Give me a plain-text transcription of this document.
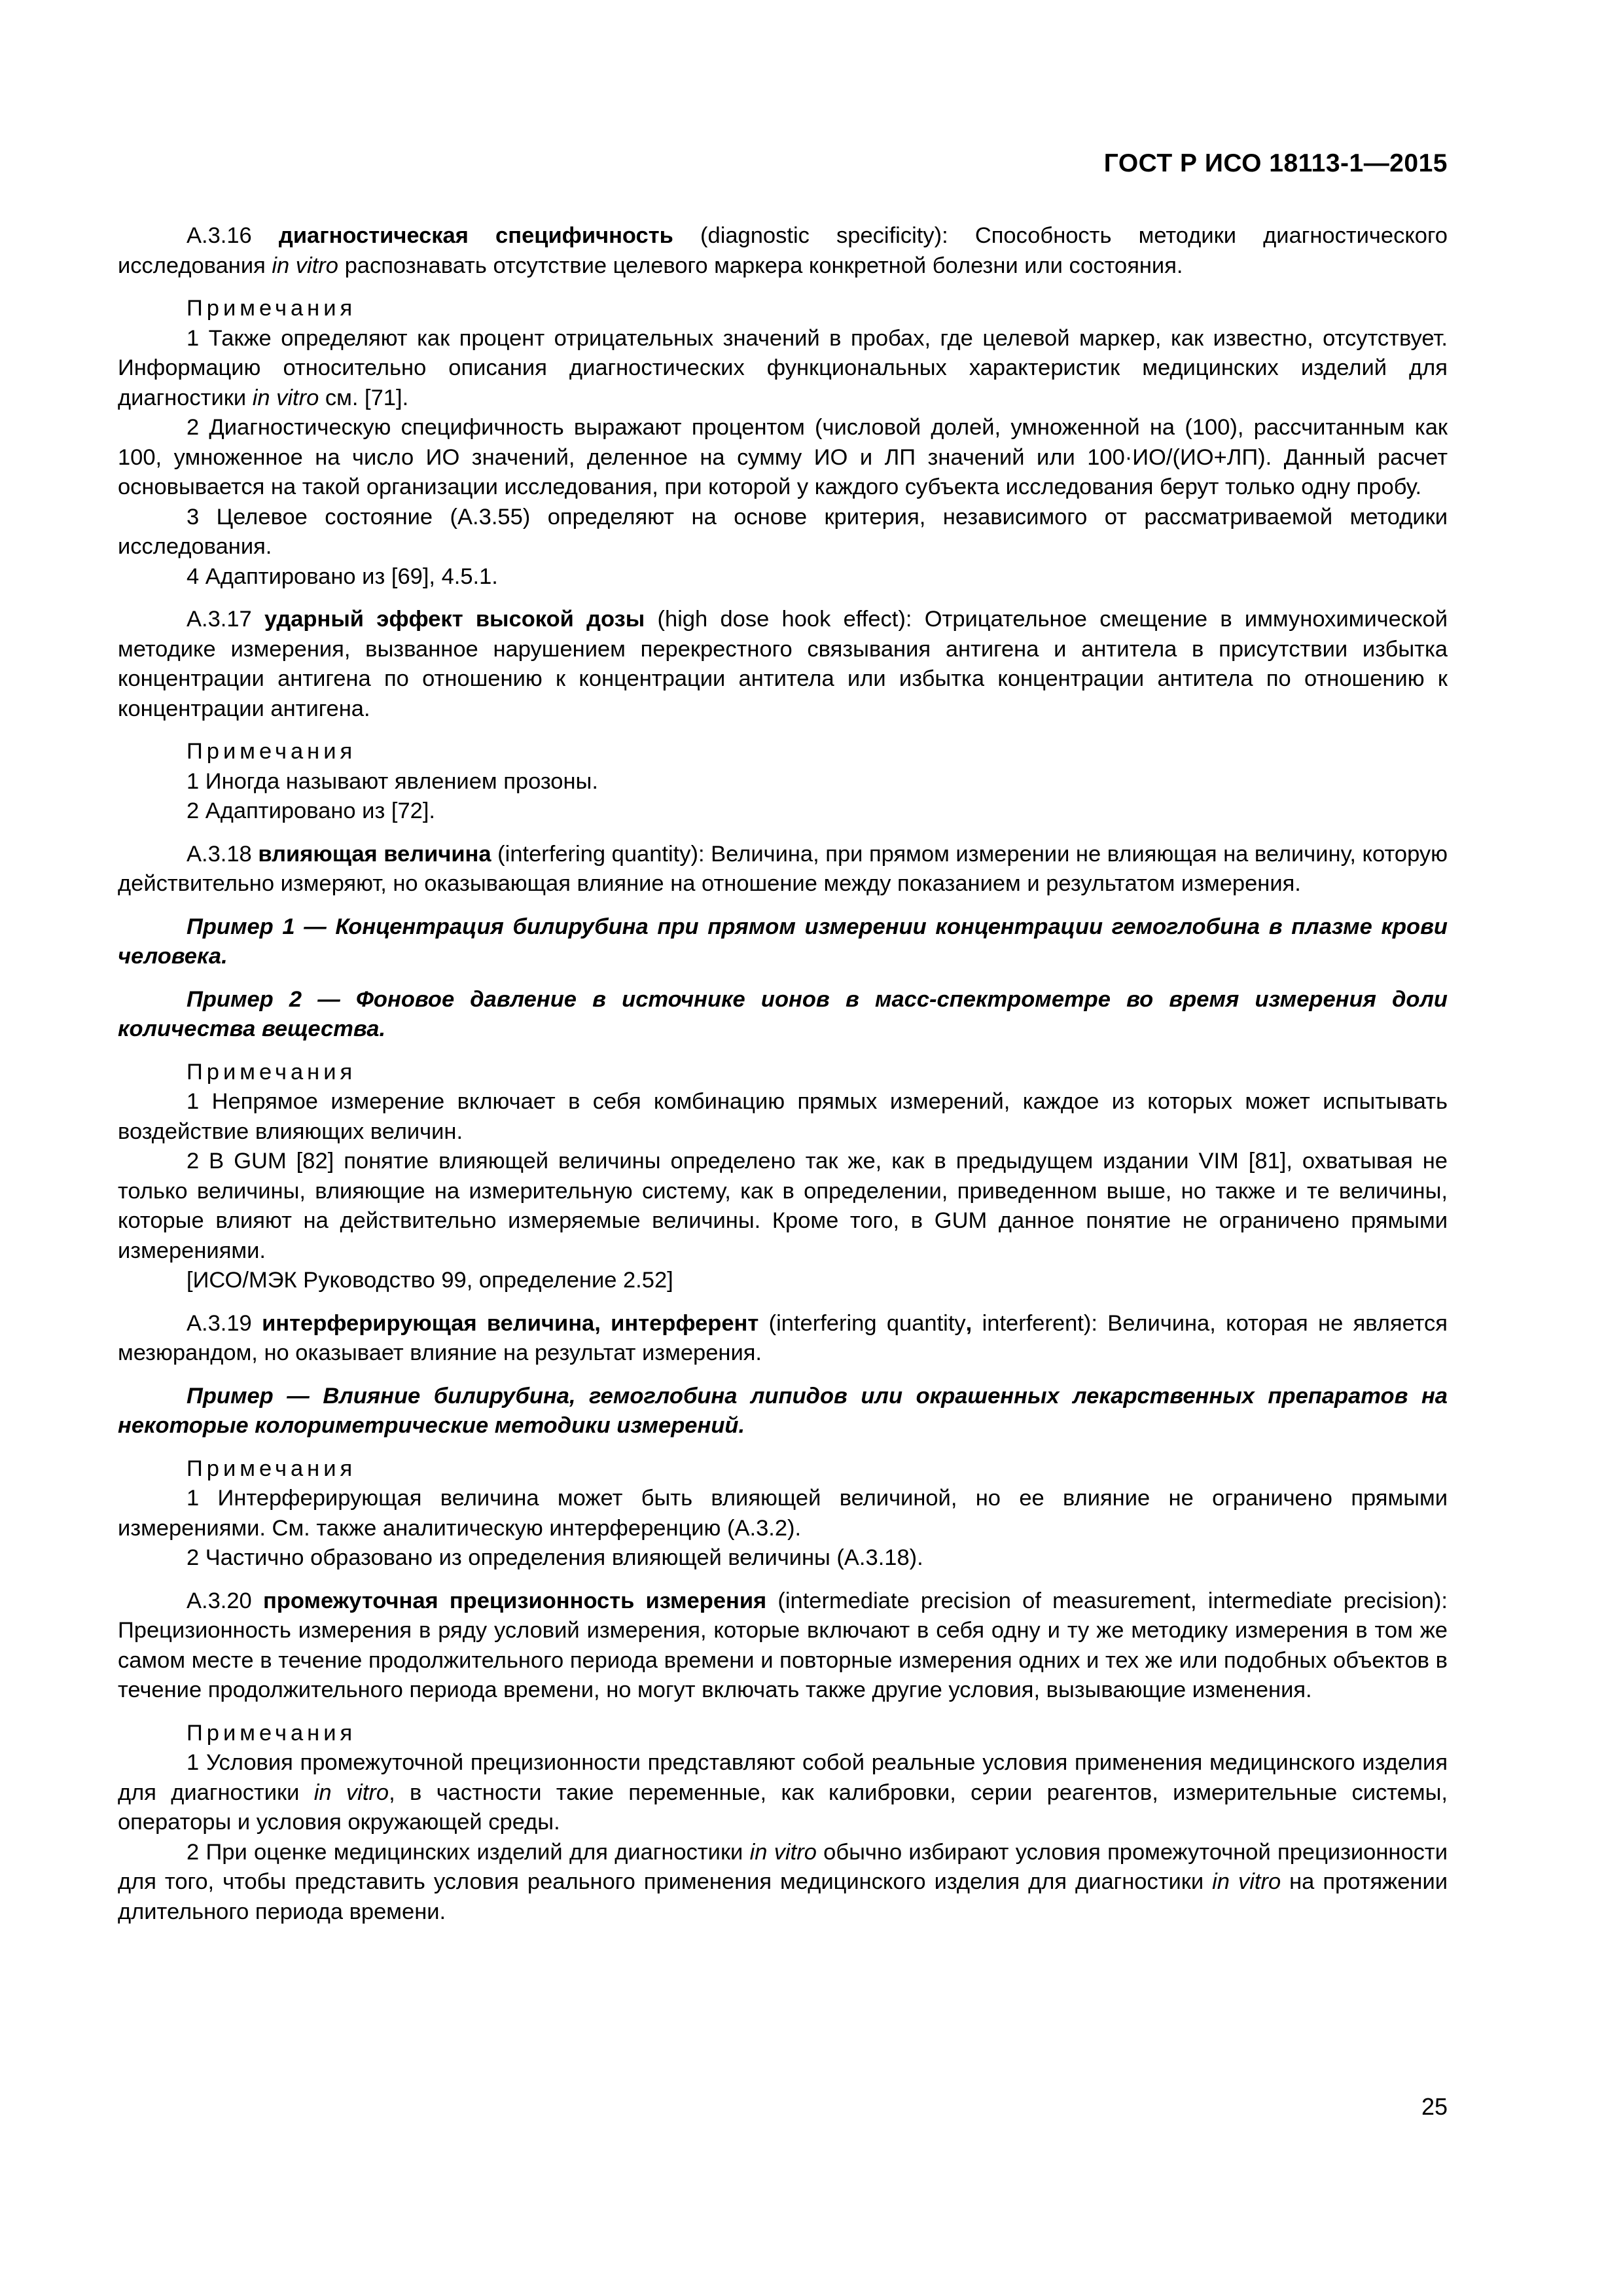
ГОСТ Р ИСО 18113-1—2015

А.3.16 диагностическая специфичность (diagnostic specificity): Способность методики диагностического исследования in vitro распознавать отсутствие целевого маркера конкретной болезни или состояния.

Примечания

1 Также определяют как процент отрицательных значений в пробах, где целевой маркер, как известно, отсутствует. Информацию относительно описания диагностических функциональных характеристик медицинских изделий для диагностики in vitro см. [71].

2 Диагностическую специфичность выражают процентом (числовой долей, умноженной на (100), рассчитанным как 100, умноженное на число ИО значений, деленное на сумму ИО и ЛП значений или 100·ИО/(ИО+ЛП). Данный расчет основывается на такой организации исследования, при которой у каждого субъекта исследования берут только одну пробу.

3 Целевое состояние (А.3.55) определяют на основе критерия, независимого от рассматриваемой методики исследования.

4 Адаптировано из [69], 4.5.1.

А.3.17 ударный эффект высокой дозы (high dose hook effect): Отрицательное смещение в иммунохимической методике измерения, вызванное нарушением перекрестного связывания антигена и антитела в присутствии избытка концентрации антигена по отношению к концентрации антитела или избытка концентрации антитела по отношению к концентрации антигена.

Примечания

1 Иногда называют явлением прозоны.

2 Адаптировано из [72].

А.3.18 влияющая величина (interfering quantity): Величина, при прямом измерении не влияющая на величину, которую действительно измеряют, но оказывающая влияние на отношение между показанием и результатом измерения.

Пример 1 — Концентрация билирубина при прямом измерении концентрации гемоглобина в плазме крови человека.

Пример 2 — Фоновое давление в источнике ионов в масс-спектрометре во время измерения доли количества вещества.

Примечания

1 Непрямое измерение включает в себя комбинацию прямых измерений, каждое из которых может испытывать воздействие влияющих величин.

2 В GUM [82] понятие влияющей величины определено так же, как в предыдущем издании VIM [81], охватывая не только величины, влияющие на измерительную систему, как в определении, приведенном выше, но также и те величины, которые влияют на действительно измеряемые величины. Кроме того, в GUM данное понятие не ограничено прямыми измерениями.

[ИСО/МЭК Руководство 99, определение 2.52]

А.3.19 интерферирующая величина, интерферент (interfering quantity, interferent): Величина, которая не является мезюрандом, но оказывает влияние на результат измерения.

Пример — Влияние билирубина, гемоглобина липидов или окрашенных лекарственных препаратов на некоторые колориметрические методики измерений.

Примечания

1 Интерферирующая величина может быть влияющей величиной, но ее влияние не ограничено прямыми измерениями. См. также аналитическую интерференцию (А.3.2).

2 Частично образовано из определения влияющей величины (А.3.18).

А.3.20 промежуточная прецизионность измерения (intermediate precision of measurement, intermediate precision): Прецизионность измерения в ряду условий измерения, которые включают в себя одну и ту же методику измерения в том же самом месте в течение продолжительного периода времени и повторные измерения одних и тех же или подобных объектов в течение продолжительного периода времени, но могут включать также другие условия, вызывающие изменения.

Примечания

1 Условия промежуточной прецизионности представляют собой реальные условия применения медицинского изделия для диагностики in vitro, в частности такие переменные, как калибровки, серии реагентов, измерительные системы, операторы и условия окружающей среды.

2 При оценке медицинских изделий для диагностики in vitro обычно избирают условия промежуточной прецизионности для того, чтобы представить условия реального применения медицинского изделия для диагностики in vitro на протяжении длительного периода времени.

25
